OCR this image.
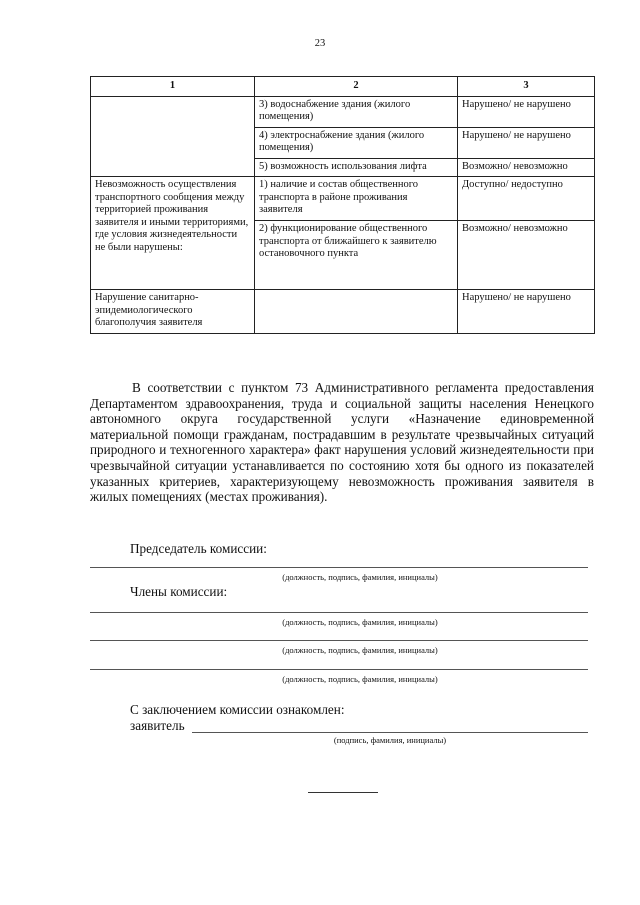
23
1	2	3
	3) водоснабжение здания (жилого помещения)	Нарушено/ не нарушено
	4) электроснабжение здания (жилого помещения)	Нарушено/ не нарушено
	5) возможность использования лифта	Возможно/ невозможно
Невозможность осуществления транспортного сообщения между территорией проживания заявителя и иными территориями, где условия жизнедеятельности не были нарушены:	1) наличие и состав общественного транспорта в районе проживания заявителя	Доступно/ недоступно
	2) функционирование общественного транспорта от ближайшего к заявителю остановочного пункта	Возможно/ невозможно
Нарушение санитарно-эпидемиологического благополучия заявителя		Нарушено/ не нарушено

В соответствии с пунктом 73 Административного регламента предоставления Департаментом здравоохранения, труда и социальной защиты населения Ненецкого автономного округа государственной услуги «Назначение единовременной материальной помощи гражданам, пострадавшим в результате чрезвычайных ситуаций природного и техногенного характера» факт нарушения условий жизнедеятельности при чрезвычайной ситуации устанавливается по состоянию хотя бы одного из показателей указанных критериев, характеризующему невозможность проживания заявителя в жилых помещениях (местах проживания).

Председатель комиссии:
(должность, подпись, фамилия, инициалы)
Члены комиссии:
(должность, подпись, фамилия, инициалы)
(должность, подпись, фамилия, инициалы)
(должность, подпись, фамилия, инициалы)
С заключением комиссии ознакомлен:
заявитель
(подпись, фамилия, инициалы)
